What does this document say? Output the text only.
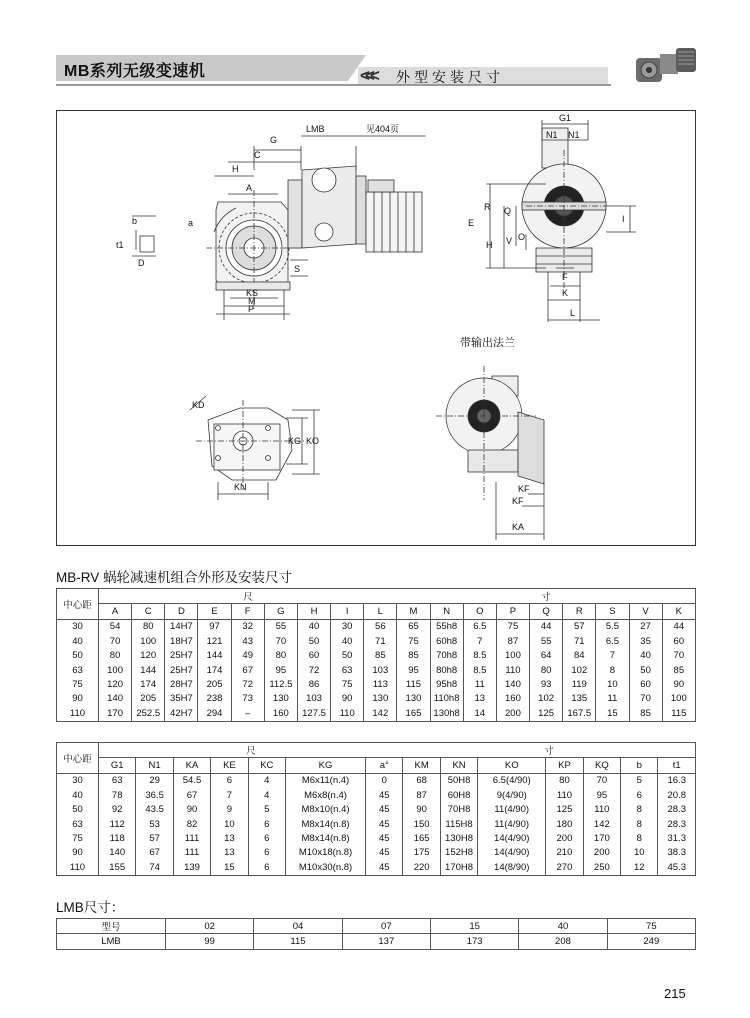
MB系列无级变速机	<<< 外型安装尺寸
G
LMB	见404页
C
H
A
a
b
t1
D
S
KS
M
P
G1
N1 N1
E
R Q
H V O
I
F
K
L
KD
KG KO
KN
带输出法兰
KF
KF
KA
MB-RV 蜗轮减速机组合外形及安装尺寸
中心距	尺									寸								
	A	C	D	E	F	G	H	I	L	M	N	O	P	Q	R	S	V	K
30	54	80	14H7	97	32	55	40	30	56	65	55h8	6.5	75	44	57	5.5	27	44
40	70	100	18H7	121	43	70	50	40	71	75	60h8	7	87	55	71	6.5	35	60
50	80	120	25H7	144	49	80	60	50	85	85	70h8	8.5	100	64	84	7	40	70
63	100	144	25H7	174	67	95	72	63	103	95	80h8	8.5	110	80	102	8	50	85
75	120	174	28H7	205	72	112.5	86	75	113	115	95h8	11	140	93	119	10	60	90
90	140	205	35H7	238	73	130	103	90	130	130	110h8	13	160	102	135	11	70	100
110	170	252.5	42H7	294	–	160	127.5	110	142	165	130h8	14	200	125	167.5	15	85	115
中心距	尺							寸						
	G1	N1	KA	KE	KC	KG	a°	KM	KN	KO	KP	KQ	b	t1
30	63	29	54.5	6	4	M6x11(n.4)	0	68	50H8	6.5(4/90)	80	70	5	16.3
40	78	36.5	67	7	4	M6x8(n.4)	45	87	60H8	9(4/90)	110	95	6	20.8
50	92	43.5	90	9	5	M8x10(n.4)	45	90	70H8	11(4/90)	125	110	8	28.3
63	112	53	82	10	6	M8x14(n.8)	45	150	115H8	11(4/90)	180	142	8	28.3
75	118	57	111	13	6	M8x14(n.8)	45	165	130H8	14(4/90)	200	170	8	31.3
90	140	67	111	13	6	M10x18(n.8)	45	175	152H8	14(4/90)	210	200	10	38.3
110	155	74	139	15	6	M10x30(n.8)	45	220	170H8	14(8/90)	270	250	12	45.3
LMB尺寸：
型号	02	04	07	15	40	75
LMB	99	115	137	173	208	249
215
